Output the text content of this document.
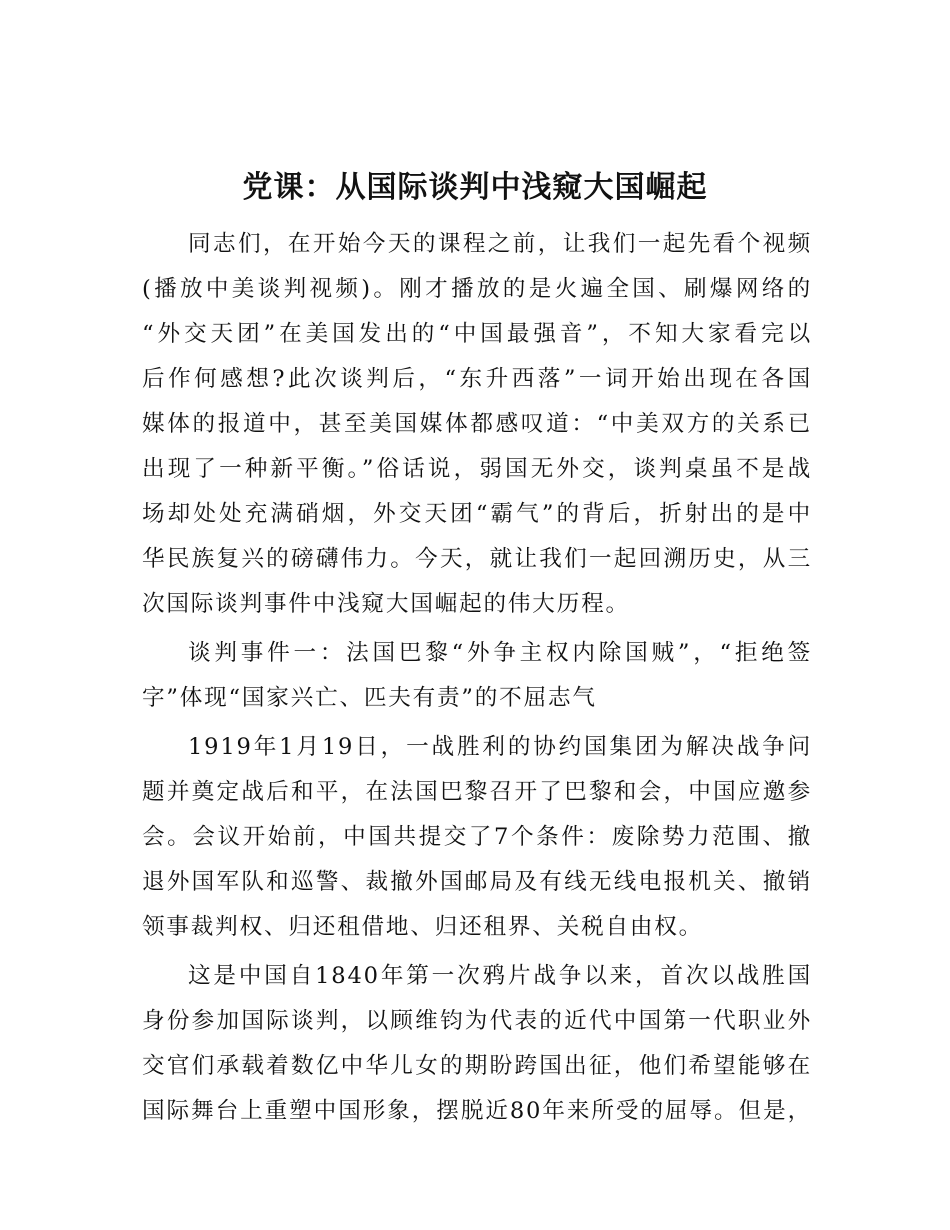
党课：从国际谈判中浅窥大国崛起
同志们，在开始今天的课程之前，让我们一起先看个视频
(播放中美谈判视频)。刚才播放的是火遍全国、刷爆网络的
“外交天团”在美国发出的“中国最强音”，不知大家看完以
后作何感想?此次谈判后，“东升西落”一词开始出现在各国
媒体的报道中，甚至美国媒体都感叹道：“中美双方的关系已
出现了一种新平衡。”俗话说，弱国无外交，谈判桌虽不是战
场却处处充满硝烟，外交天团“霸气”的背后，折射出的是中
华民族复兴的磅礴伟力。今天，就让我们一起回溯历史，从三
次国际谈判事件中浅窥大国崛起的伟大历程。
谈判事件一：法国巴黎“外争主权内除国贼”，“拒绝签
字”体现“国家兴亡、匹夫有责”的不屈志气
1919年1月19日，一战胜利的协约国集团为解决战争问
题并奠定战后和平，在法国巴黎召开了巴黎和会，中国应邀参
会。会议开始前，中国共提交了7个条件：废除势力范围、撤
退外国军队和巡警、裁撤外国邮局及有线无线电报机关、撤销
领事裁判权、归还租借地、归还租界、关税自由权。
这是中国自1840年第一次鸦片战争以来，首次以战胜国
身份参加国际谈判，以顾维钧为代表的近代中国第一代职业外
交官们承载着数亿中华儿女的期盼跨国出征，他们希望能够在
国际舞台上重塑中国形象，摆脱近80年来所受的屈辱。但是，
